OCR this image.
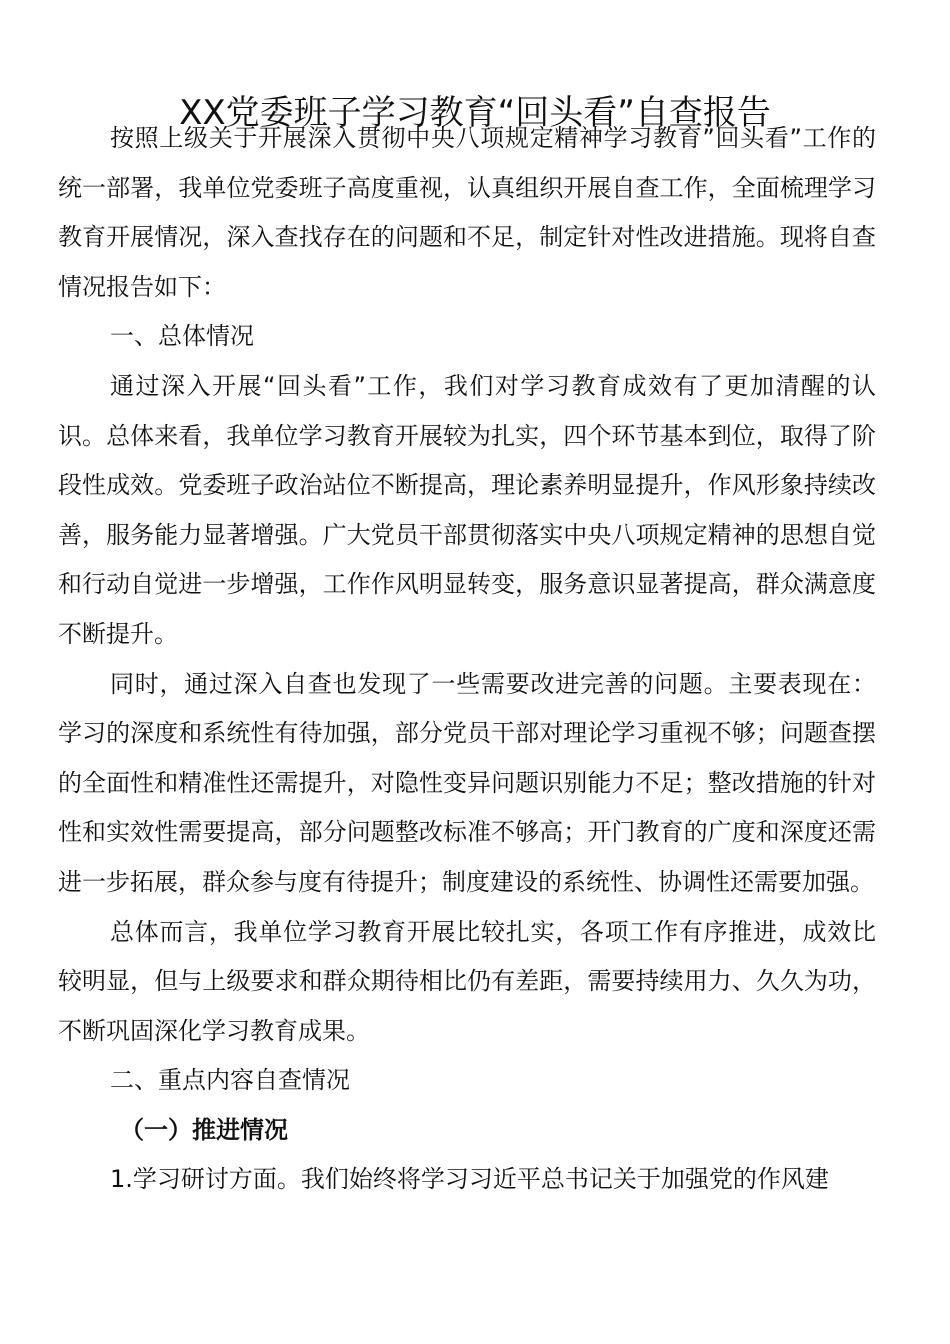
XX党委班子学习教育“回头看”自查报告

按照上级关于开展深入贯彻中央八项规定精神学习教育”回头看”工作的统一部署，我单位党委班子高度重视，认真组织开展自查工作，全面梳理学习教育开展情况，深入查找存在的问题和不足，制定针对性改进措施。现将自查情况报告如下：

一、总体情况

通过深入开展“回头看”工作，我们对学习教育成效有了更加清醒的认识。总体来看，我单位学习教育开展较为扎实，四个环节基本到位，取得了阶段性成效。党委班子政治站位不断提高，理论素养明显提升，作风形象持续改善，服务能力显著增强。广大党员干部贯彻落实中央八项规定精神的思想自觉和行动自觉进一步增强，工作作风明显转变，服务意识显著提高，群众满意度不断提升。

同时，通过深入自查也发现了一些需要改进完善的问题。主要表现在：学习的深度和系统性有待加强，部分党员干部对理论学习重视不够；问题查摆的全面性和精准性还需提升，对隐性变异问题识别能力不足；整改措施的针对性和实效性需要提高，部分问题整改标准不够高；开门教育的广度和深度还需进一步拓展，群众参与度有待提升；制度建设的系统性、协调性还需要加强。

总体而言，我单位学习教育开展比较扎实，各项工作有序推进，成效比较明显，但与上级要求和群众期待相比仍有差距，需要持续用力、久久为功，不断巩固深化学习教育成果。

二、重点内容自查情况

（一）推进情况

1.学习研讨方面。我们始终将学习习近平总书记关于加强党的作风建
